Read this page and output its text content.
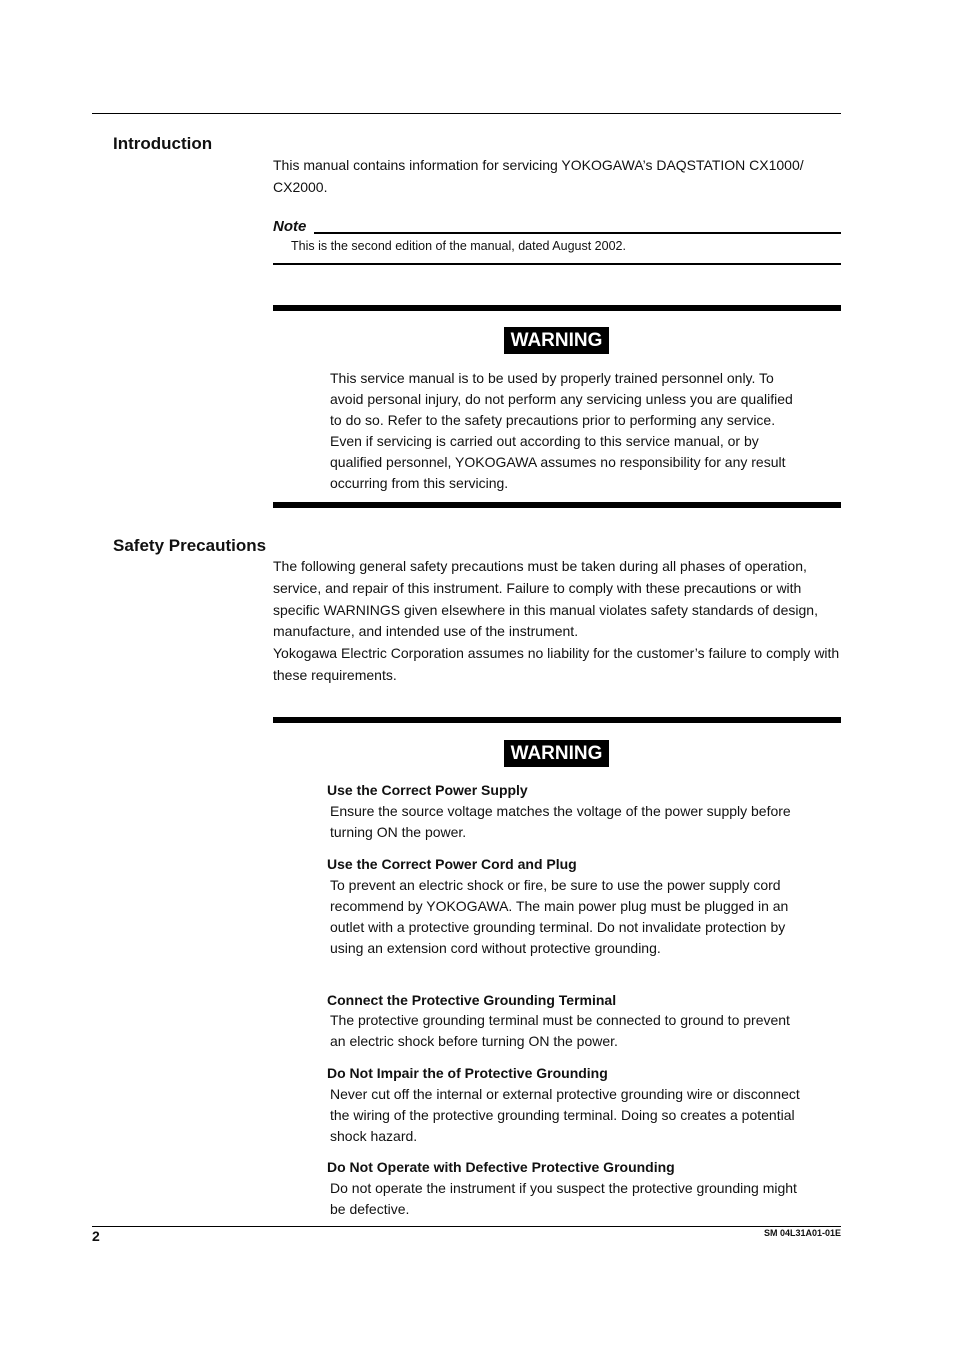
Introduction
This manual contains information for servicing YOKOGAWA’s DAQSTATION CX1000/ CX2000.
Note
This is the second edition of the manual, dated August 2002.
WARNING
This service manual is to be used by properly trained personnel only. To avoid personal injury, do not perform any servicing unless you are qualified to do so. Refer to the safety precautions prior to performing any service. Even if servicing is carried out according to this service manual, or by qualified personnel, YOKOGAWA assumes no responsibility for any result occurring from this servicing.
Safety Precautions
The following general safety precautions must be taken during all phases of operation, service, and repair of this instrument. Failure to comply with these precautions or with specific WARNINGS given elsewhere in this manual violates safety standards of design, manufacture, and intended use of the instrument.
Yokogawa Electric Corporation assumes no liability for the customer’s failure to comply with these requirements.
WARNING
Use the Correct Power Supply
Ensure the source voltage matches the voltage of the power supply before turning ON the power.
Use the Correct Power Cord and Plug
To prevent an electric shock or fire, be sure to use the power supply cord recommend by YOKOGAWA. The main power plug must be plugged in an outlet with a protective grounding terminal. Do not invalidate protection by using an extension cord without protective grounding.
Connect the Protective Grounding Terminal
The protective grounding terminal must be connected to ground to prevent an electric shock before turning ON the power.
Do Not Impair the of Protective Grounding
Never cut off the internal or external protective grounding wire or disconnect the wiring of the protective grounding terminal. Doing so creates a potential shock hazard.
Do Not Operate with Defective Protective Grounding
Do not operate the instrument if you suspect the protective grounding might be defective.
2	SM 04L31A01-01E
